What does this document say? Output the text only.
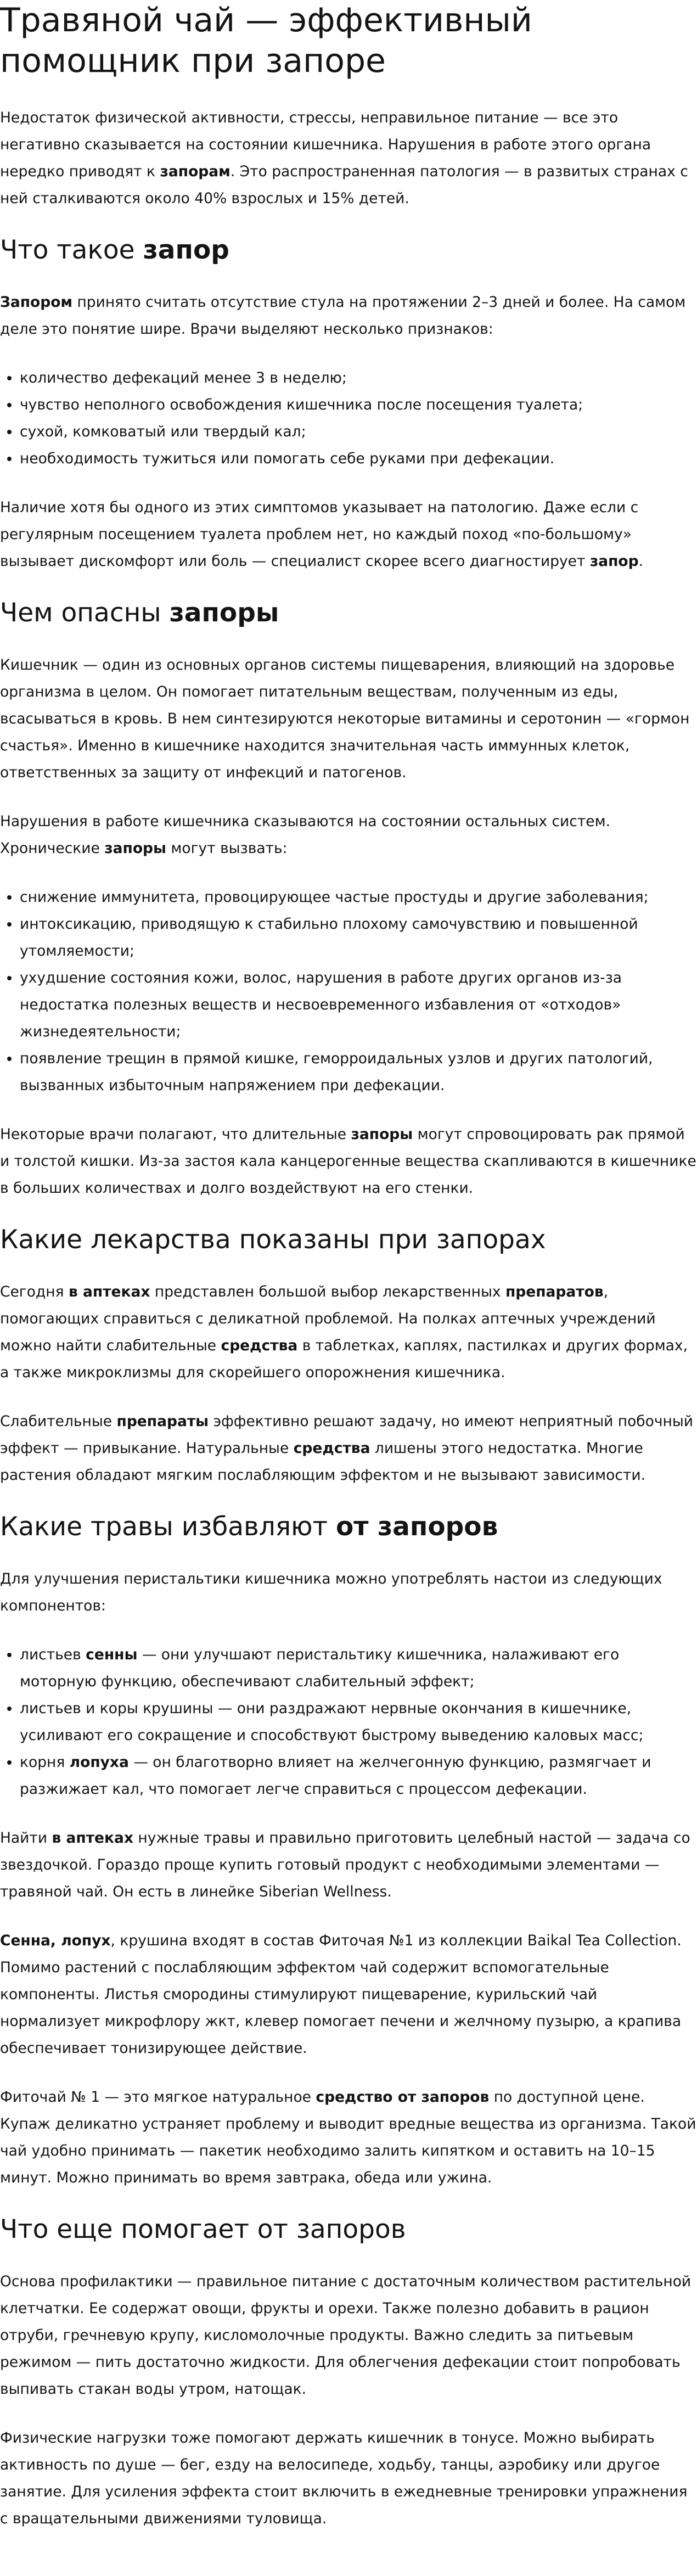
Травяной чай — эффективный помощник при запоре

Недостаток физической активности, стрессы, неправильное питание — все это негативно сказывается на состоянии кишечника. Нарушения в работе этого органа нередко приводят к запорам. Это распространенная патология — в развитых странах с ней сталкиваются около 40% взрослых и 15% детей.

Что такое запор

Запором принято считать отсутствие стула на протяжении 2–3 дней и более. На самом деле это понятие шире. Врачи выделяют несколько признаков:

• количество дефекаций менее 3 в неделю;
• чувство неполного освобождения кишечника после посещения туалета;
• сухой, комковатый или твердый кал;
• необходимость тужиться или помогать себе руками при дефекации.

Наличие хотя бы одного из этих симптомов указывает на патологию. Даже если с регулярным посещением туалета проблем нет, но каждый поход «по-большому» вызывает дискомфорт или боль — специалист скорее всего диагностирует запор.

Чем опасны запоры

Кишечник — один из основных органов системы пищеварения, влияющий на здоровье организма в целом. Он помогает питательным веществам, полученным из еды, всасываться в кровь. В нем синтезируются некоторые витамины и серотонин — «гормон счастья». Именно в кишечнике находится значительная часть иммунных клеток, ответственных за защиту от инфекций и патогенов.

Нарушения в работе кишечника сказываются на состоянии остальных систем. Хронические запоры могут вызвать:

• снижение иммунитета, провоцирующее частые простуды и другие заболевания;
• интоксикацию, приводящую к стабильно плохому самочувствию и повышенной утомляемости;
• ухудшение состояния кожи, волос, нарушения в работе других органов из-за недостатка полезных веществ и несвоевременного избавления от «отходов» жизнедеятельности;
• появление трещин в прямой кишке, геморроидальных узлов и других патологий, вызванных избыточным напряжением при дефекации.

Некоторые врачи полагают, что длительные запоры могут спровоцировать рак прямой и толстой кишки. Из-за застоя кала канцерогенные вещества скапливаются в кишечнике в больших количествах и долго воздействуют на его стенки.

Какие лекарства показаны при запорах

Сегодня в аптеках представлен большой выбор лекарственных препаратов, помогающих справиться с деликатной проблемой. На полках аптечных учреждений можно найти слабительные средства в таблетках, каплях, пастилках и других формах, а также микроклизмы для скорейшего опорожнения кишечника.

Слабительные препараты эффективно решают задачу, но имеют неприятный побочный эффект — привыкание. Натуральные средства лишены этого недостатка. Многие растения обладают мягким послабляющим эффектом и не вызывают зависимости.

Какие травы избавляют от запоров

Для улучшения перистальтики кишечника можно употреблять настои из следующих компонентов:

• листьев сенны — они улучшают перистальтику кишечника, налаживают его моторную функцию, обеспечивают слабительный эффект;
• листьев и коры крушины — они раздражают нервные окончания в кишечнике, усиливают его сокращение и способствуют быстрому выведению каловых масс;
• корня лопуха — он благотворно влияет на желчегонную функцию, размягчает и разжижает кал, что помогает легче справиться с процессом дефекации.

Найти в аптеках нужные травы и правильно приготовить целебный настой — задача со звездочкой. Гораздо проще купить готовый продукт с необходимыми элементами — травяной чай. Он есть в линейке Siberian Wellness.

Сенна, лопух, крушина входят в состав Фиточая №1 из коллекции Baikal Tea Collection. Помимо растений с послабляющим эффектом чай содержит вспомогательные компоненты. Листья смородины стимулируют пищеварение, курильский чай нормализует микрофлору жкт, клевер помогает печени и желчному пузырю, а крапива обеспечивает тонизирующее действие.

Фиточай № 1 — это мягкое натуральное средство от запоров по доступной цене. Купаж деликатно устраняет проблему и выводит вредные вещества из организма. Такой чай удобно принимать — пакетик необходимо залить кипятком и оставить на 10–15 минут. Можно принимать во время завтрака, обеда или ужина.

Что еще помогает от запоров

Основа профилактики — правильное питание с достаточным количеством растительной клетчатки. Ее содержат овощи, фрукты и орехи. Также полезно добавить в рацион отруби, гречневую крупу, кисломолочные продукты. Важно следить за питьевым режимом — пить достаточно жидкости. Для облегчения дефекации стоит попробовать выпивать стакан воды утром, натощак.

Физические нагрузки тоже помогают держать кишечник в тонусе. Можно выбирать активность по душе — бег, езду на велосипеде, ходьбу, танцы, аэробику или другое занятие. Для усиления эффекта стоит включить в ежедневные тренировки упражнения с вращательными движениями туловища.
